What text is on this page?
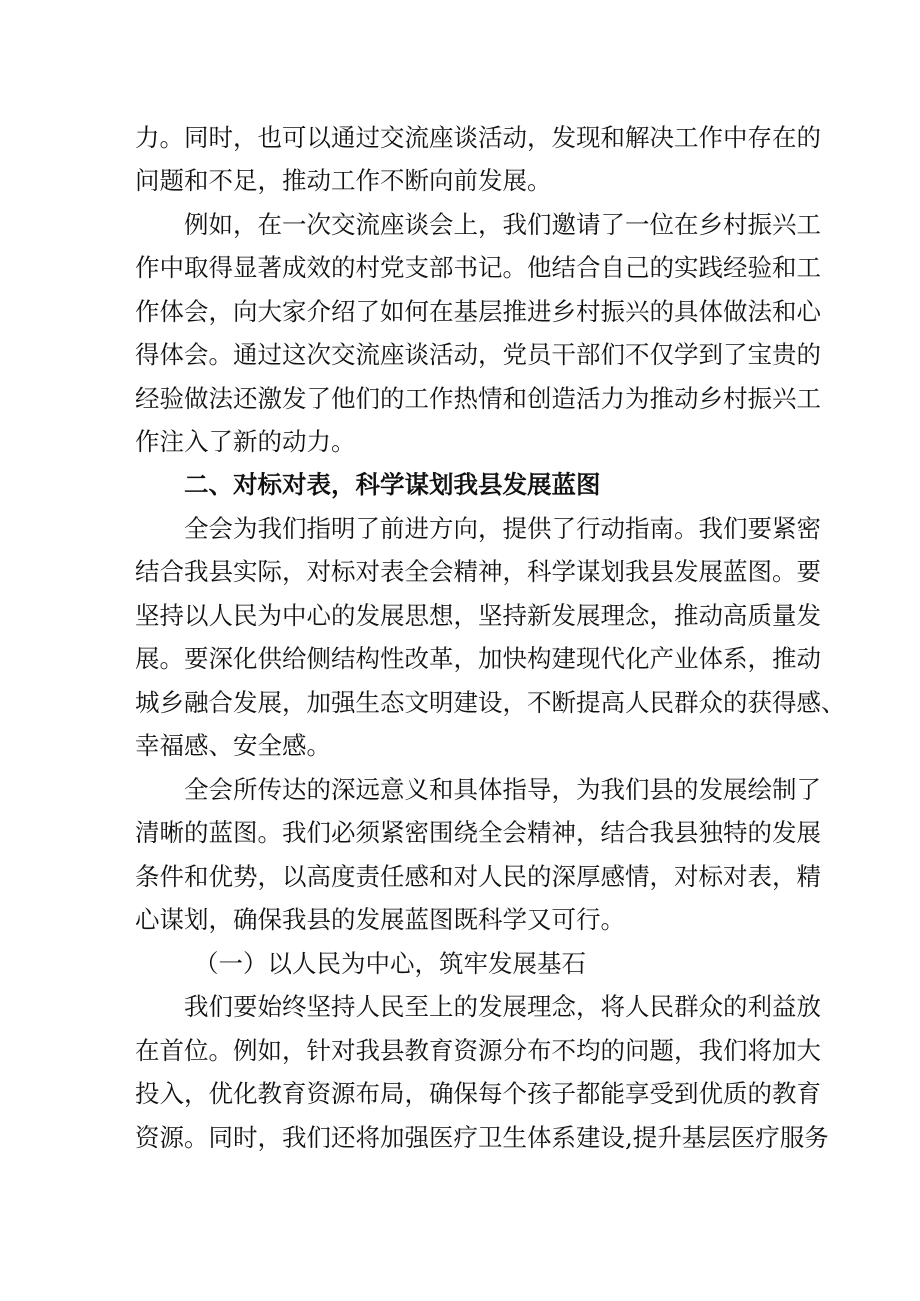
力。同时，也可以通过交流座谈活动，发现和解决工作中存在的
问题和不足，推动工作不断向前发展。
例如，在一次交流座谈会上，我们邀请了一位在乡村振兴工
作中取得显著成效的村党支部书记。他结合自己的实践经验和工
作体会，向大家介绍了如何在基层推进乡村振兴的具体做法和心
得体会。通过这次交流座谈活动，党员干部们不仅学到了宝贵的
经验做法还激发了他们的工作热情和创造活力为推动乡村振兴工
作注入了新的动力。
二、对标对表，科学谋划我县发展蓝图
全会为我们指明了前进方向，提供了行动指南。我们要紧密
结合我县实际，对标对表全会精神，科学谋划我县发展蓝图。要
坚持以人民为中心的发展思想，坚持新发展理念，推动高质量发
展。要深化供给侧结构性改革，加快构建现代化产业体系，推动
城乡融合发展，加强生态文明建设，不断提高人民群众的获得感、
幸福感、安全感。
全会所传达的深远意义和具体指导，为我们县的发展绘制了
清晰的蓝图。我们必须紧密围绕全会精神，结合我县独特的发展
条件和优势，以高度责任感和对人民的深厚感情，对标对表，精
心谋划，确保我县的发展蓝图既科学又可行。
（一）以人民为中心，筑牢发展基石
我们要始终坚持人民至上的发展理念，将人民群众的利益放
在首位。例如，针对我县教育资源分布不均的问题，我们将加大
投入，优化教育资源布局，确保每个孩子都能享受到优质的教育
资源。同时，我们还将加强医疗卫生体系建设,提升基层医疗服务
